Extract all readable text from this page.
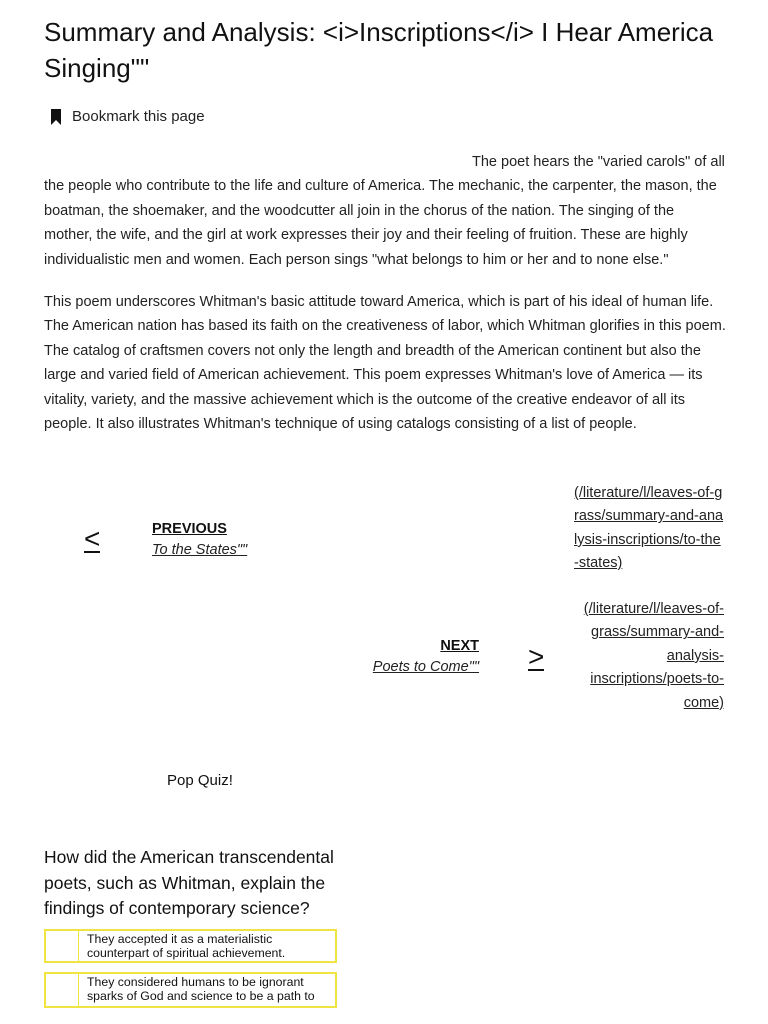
Summary and Analysis: <i>Inscriptions</i> I Hear America Singing""
Bookmark this page

The poet hears the "varied carols" of all the people who contribute to the life and culture of America. The mechanic, the carpenter, the mason, the boatman, the shoemaker, and the woodcutter all join in the chorus of the nation. The singing of the mother, the wife, and the girl at work expresses their joy and their feeling of fruition. These are highly individualistic men and women. Each person sings "what belongs to him or her and to none else."

This poem underscores Whitman's basic attitude toward America, which is part of his ideal of human life. The American nation has based its faith on the creativeness of labor, which Whitman glorifies in this poem. The catalog of craftsmen covers not only the length and breadth of the American continent but also the large and varied field of American achievement. This poem expresses Whitman's love of America — its vitality, variety, and the massive achievement which is the outcome of the creative endeavor of all its people. It also illustrates Whitman's technique of using catalogs consisting of a list of people.

<	PREVIOUS
To the States""
(/literature/l/leaves-of-grass/summary-and-analysis-inscriptions/to-the-states)
(/literature/l/leaves-of-grass/summary-and-analysis-inscriptions/poets-to-come)
NEXT
Poets to Come"" >
Pop Quiz!
How did the American transcendental poets, such as Whitman, explain the findings of contemporary science?
They accepted it as a materialistic counterpart of spiritual achievement.
They considered humans to be ignorant sparks of God and science to be a path to
